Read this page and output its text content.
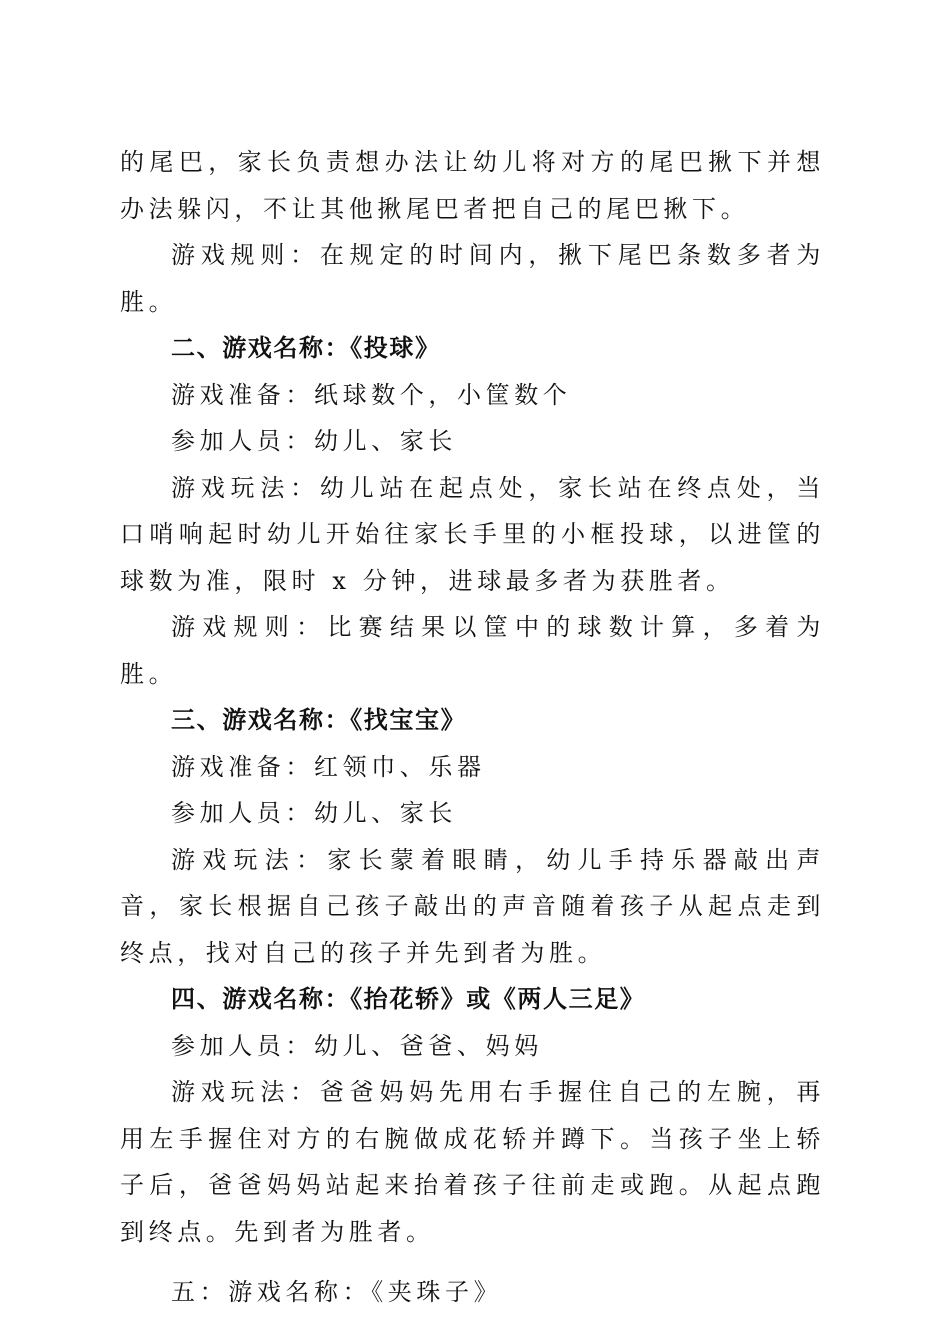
的尾巴，家长负责想办法让幼儿将对方的尾巴揪下并想办法躲闪，不让其他揪尾巴者把自己的尾巴揪下。

游戏规则：在规定的时间内，揪下尾巴条数多者为胜。

二、游戏名称：《投球》

游戏准备：纸球数个，小筐数个

参加人员：幼儿、家长

游戏玩法：幼儿站在起点处，家长站在终点处，当口哨响起时幼儿开始往家长手里的小框投球，以进筐的球数为准，限时 x 分钟，进球最多者为获胜者。

游戏规则：比赛结果以筐中的球数计算，多着为胜。

三、游戏名称：《找宝宝》

游戏准备：红领巾、乐器

参加人员：幼儿、家长

游戏玩法：家长蒙着眼睛，幼儿手持乐器敲出声音，家长根据自己孩子敲出的声音随着孩子从起点走到终点，找对自己的孩子并先到者为胜。

四、游戏名称：《抬花轿》或《两人三足》

参加人员：幼儿、爸爸、妈妈

游戏玩法：爸爸妈妈先用右手握住自己的左腕，再用左手握住对方的右腕做成花轿并蹲下。当孩子坐上轿子后，爸爸妈妈站起来抬着孩子往前走或跑。从起点跑到终点。先到者为胜者。

五：游戏名称：《夹珠子》
